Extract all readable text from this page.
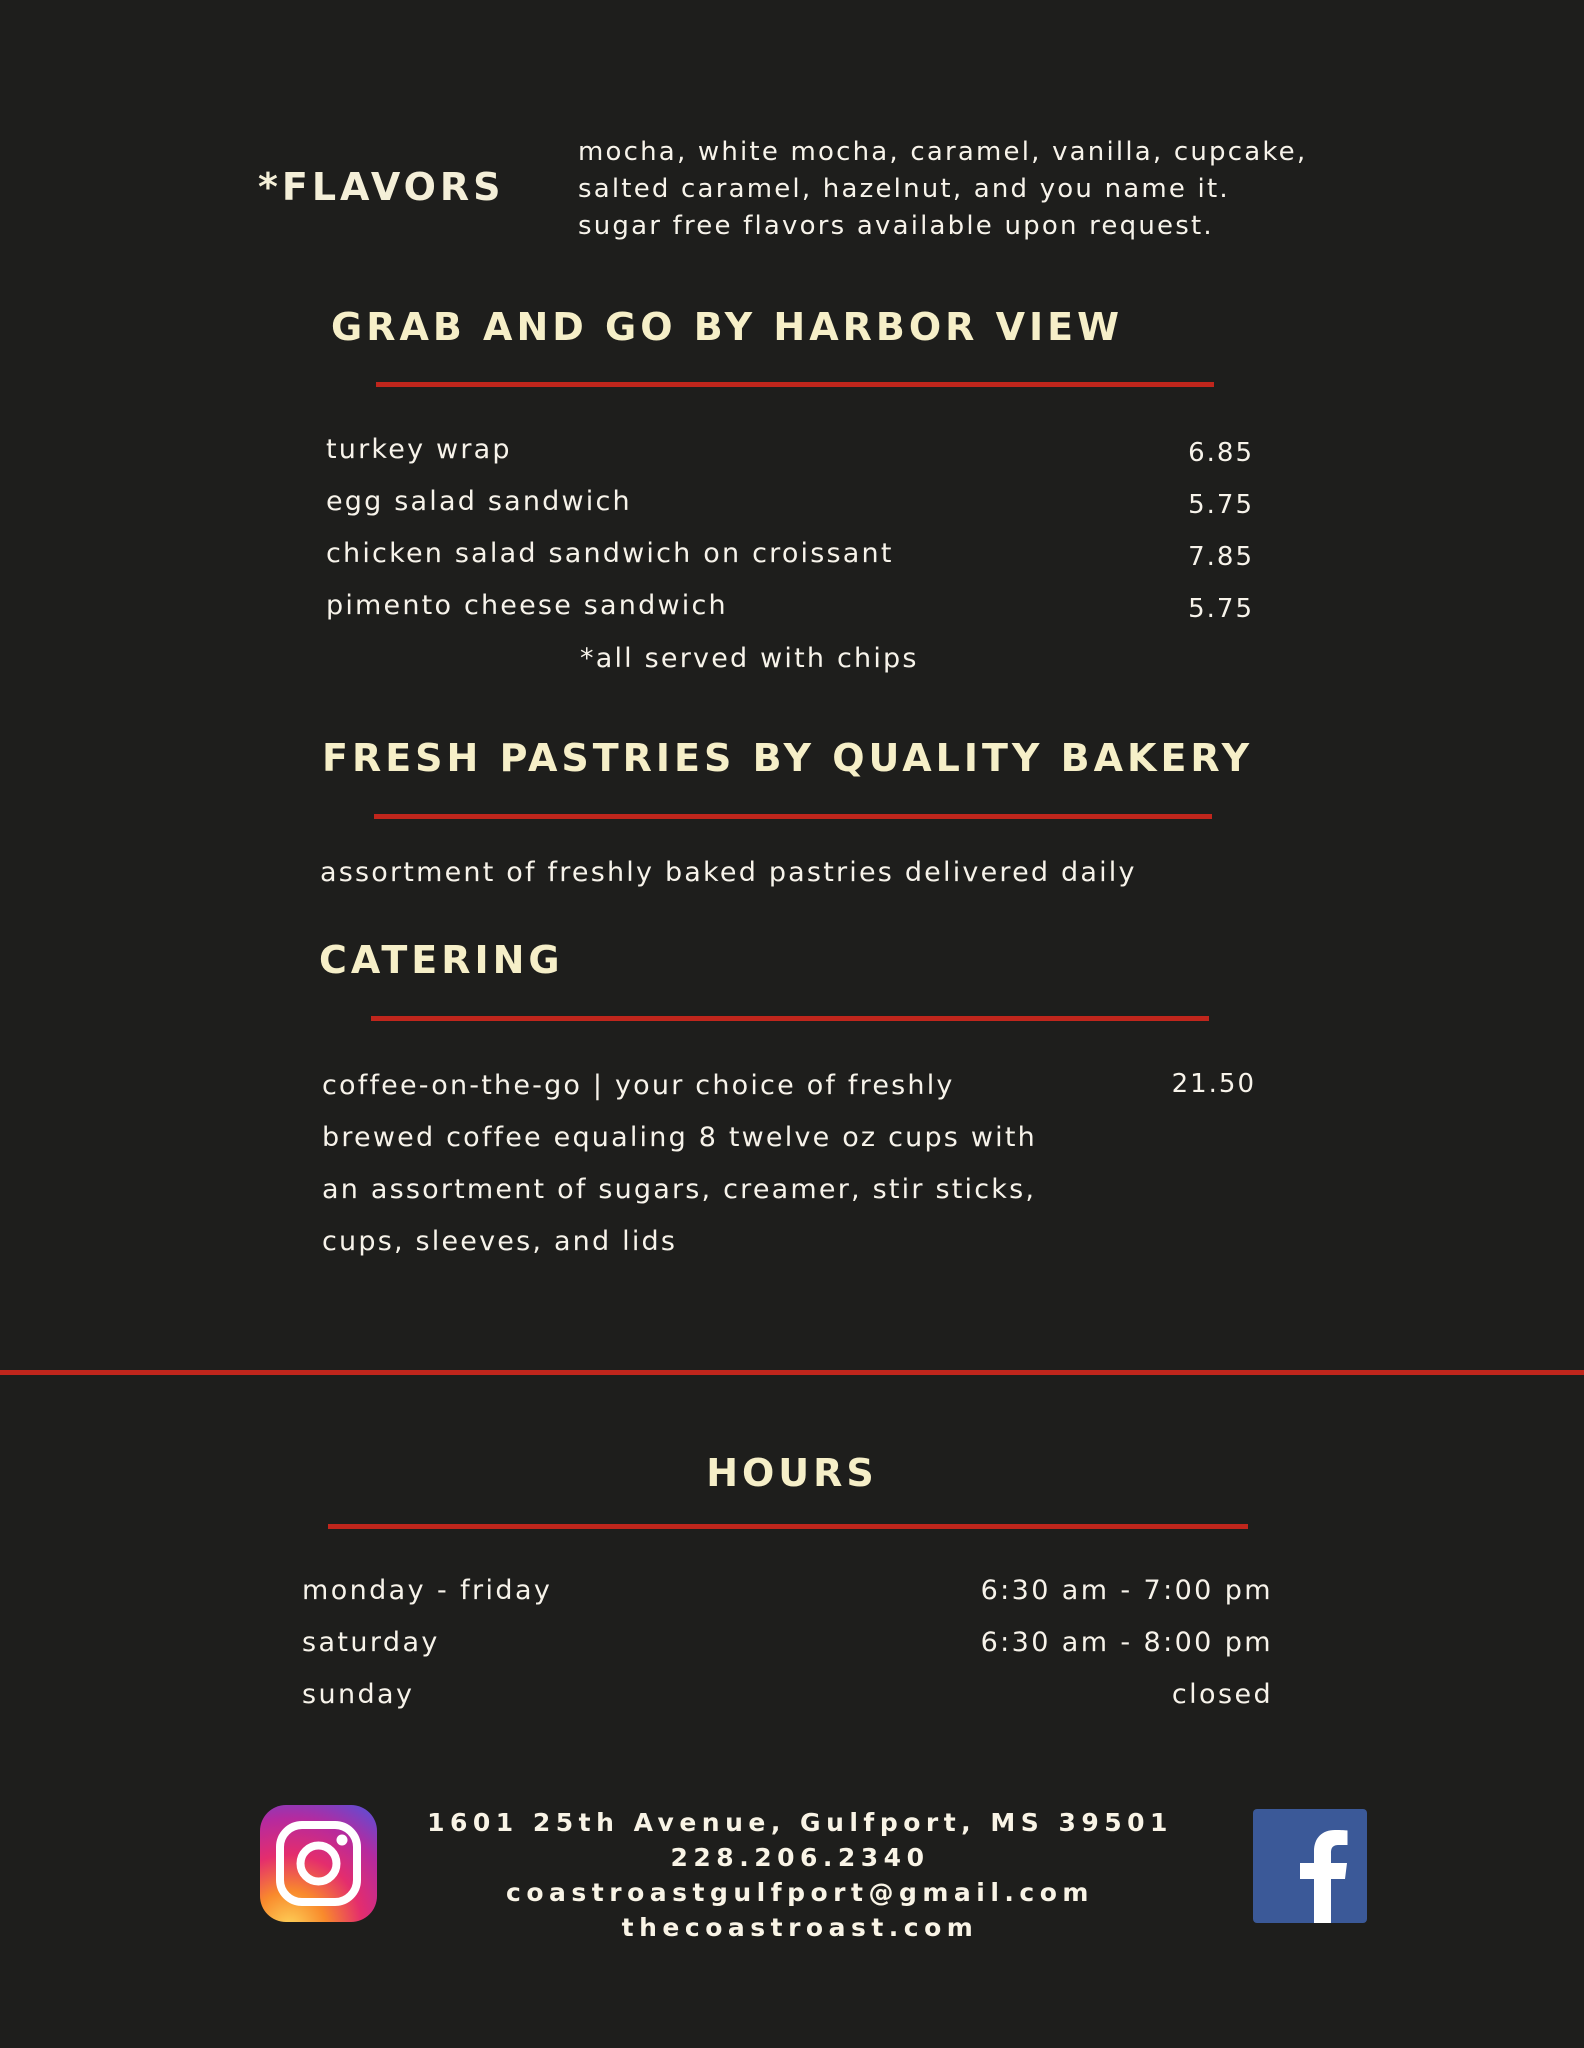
*FLAVORS
mocha, white mocha, caramel, vanilla, cupcake,
salted caramel, hazelnut, and you name it.
sugar free flavors available upon request.
GRAB AND GO BY HARBOR VIEW
turkey wrap	6.85
egg salad sandwich	5.75
chicken salad sandwich on croissant	7.85
pimento cheese sandwich	5.75
*all served with chips
FRESH PASTRIES BY QUALITY BAKERY
assortment of freshly baked pastries delivered daily
CATERING
coffee-on-the-go | your choice of freshly
brewed coffee equaling 8 twelve oz cups with
an assortment of sugars, creamer, stir sticks,
cups, sleeves, and lids
21.50
HOURS
monday - friday	6:30 am - 7:00 pm
saturday	6:30 am - 8:00 pm
sunday	closed
1601 25th Avenue, Gulfport, MS 39501
228.206.2340
coastroastgulfport@gmail.com
thecoastroast.com
